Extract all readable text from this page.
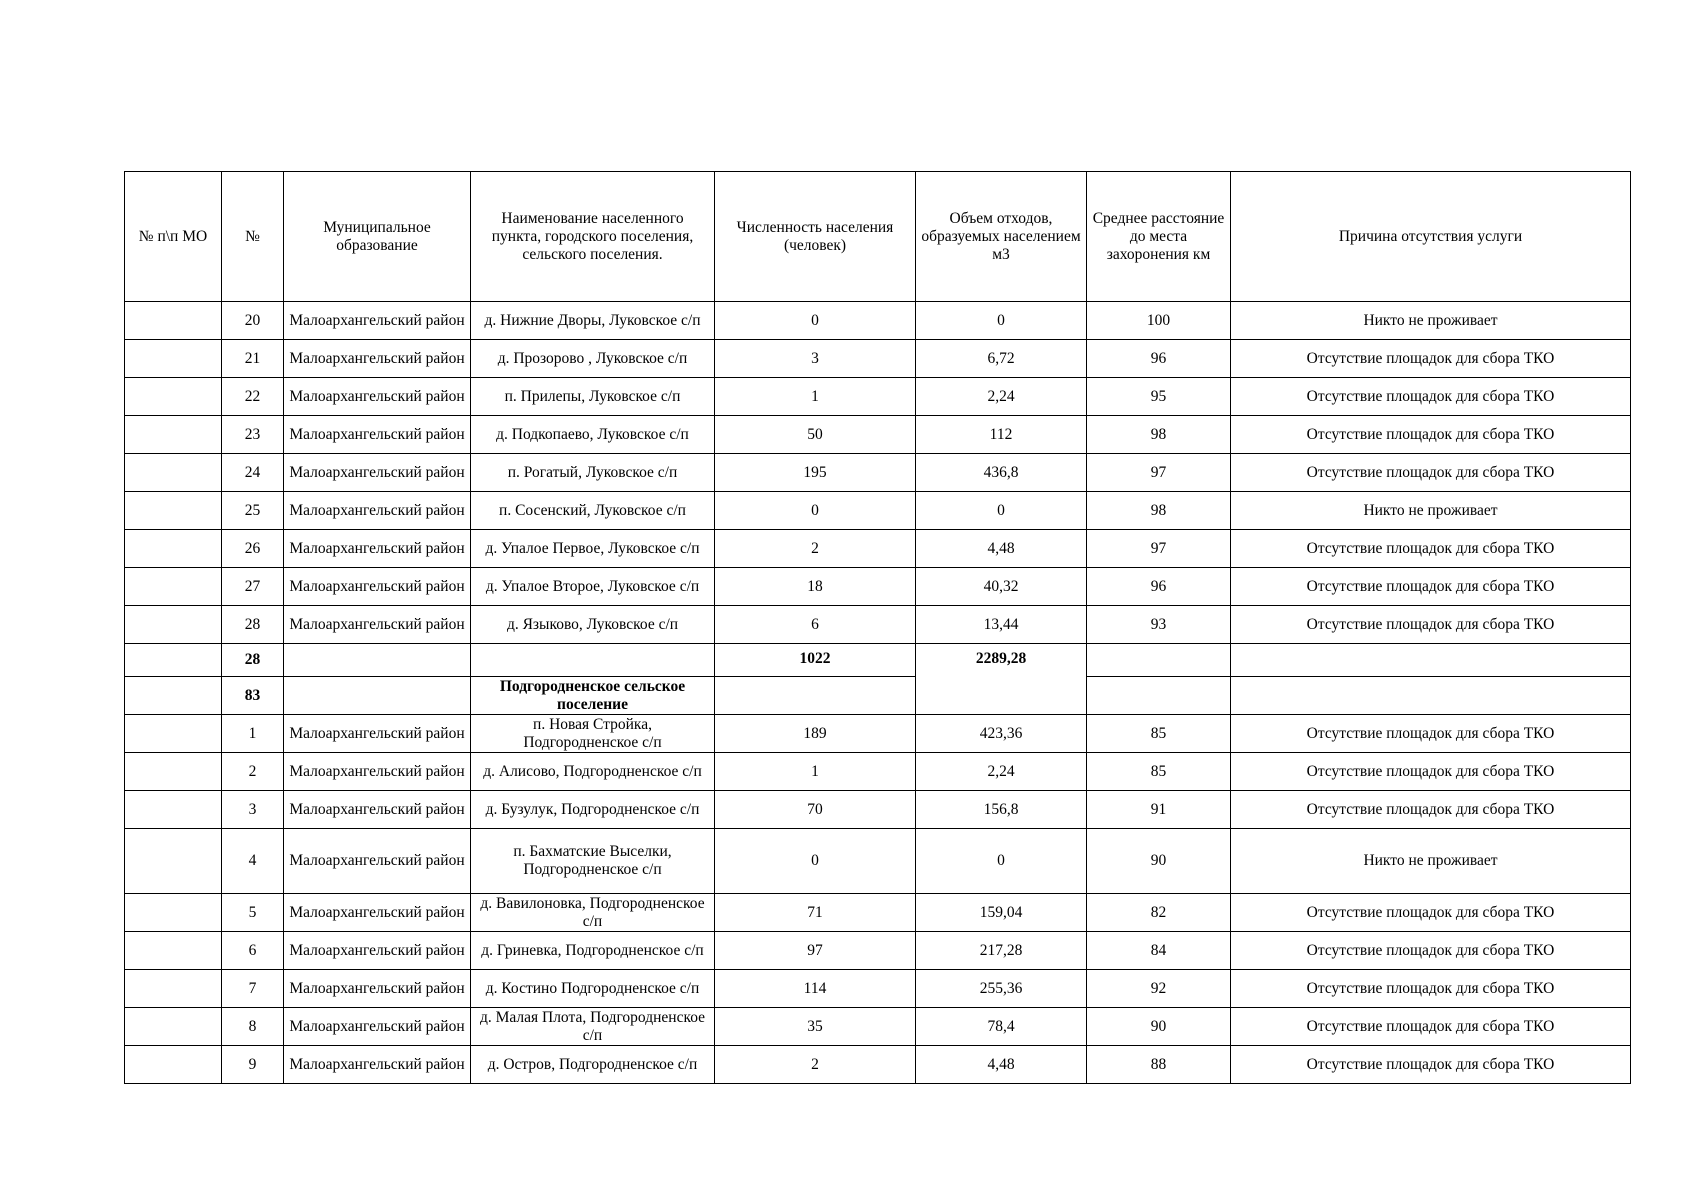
№ п\п МО	№	Муниципальное образование	Наименование населенного пункта, городского поселения, сельского поселения.	Численность населения (человек)	Объем отходов, образуемых населением м3	Среднее расстояние до места захоронения км	Причина отсутствия услуги
	20	Малоархангельский район	д. Нижние Дворы, Луковское с/п	0	0	100	Никто не проживает
	21	Малоархангельский район	д. Прозорово , Луковское с/п	3	6,72	96	Отсутствие площадок для сбора ТКО
	22	Малоархангельский район	п. Прилепы, Луковское с/п	1	2,24	95	Отсутствие площадок для сбора ТКО
	23	Малоархангельский район	д. Подкопаево, Луковское с/п	50	112	98	Отсутствие площадок для сбора ТКО
	24	Малоархангельский район	п. Рогатый, Луковское с/п	195	436,8	97	Отсутствие площадок для сбора ТКО
	25	Малоархангельский район	п. Сосенский, Луковское с/п	0	0	98	Никто не проживает
	26	Малоархангельский район	д. Упалое Первое, Луковское с/п	2	4,48	97	Отсутствие площадок для сбора ТКО
	27	Малоархангельский район	д. Упалое Второе, Луковское с/п	18	40,32	96	Отсутствие площадок для сбора ТКО
	28	Малоархангельский район	д. Языково, Луковское с/п	6	13,44	93	Отсутствие площадок для сбора ТКО
	28			1022	2289,28		
	83		Подгородненское сельское поселение				
	1	Малоархангельский район	п. Новая Стройка, Подгородненское с/п	189	423,36	85	Отсутствие площадок для сбора ТКО
	2	Малоархангельский район	д. Алисово, Подгородненское с/п	1	2,24	85	Отсутствие площадок для сбора ТКО
	3	Малоархангельский район	д. Бузулук, Подгородненское с/п	70	156,8	91	Отсутствие площадок для сбора ТКО
	4	Малоархангельский район	п. Бахматские Выселки, Подгородненское с/п	0	0	90	Никто не проживает
	5	Малоархангельский район	д. Вавилоновка, Подгородненское с/п	71	159,04	82	Отсутствие площадок для сбора ТКО
	6	Малоархангельский район	д. Гриневка, Подгородненское с/п	97	217,28	84	Отсутствие площадок для сбора ТКО
	7	Малоархангельский район	д. Костино Подгородненское с/п	114	255,36	92	Отсутствие площадок для сбора ТКО
	8	Малоархангельский район	д. Малая Плота, Подгородненское с/п	35	78,4	90	Отсутствие площадок для сбора ТКО
	9	Малоархангельский район	д. Остров, Подгородненское с/п	2	4,48	88	Отсутствие площадок для сбора ТКО
